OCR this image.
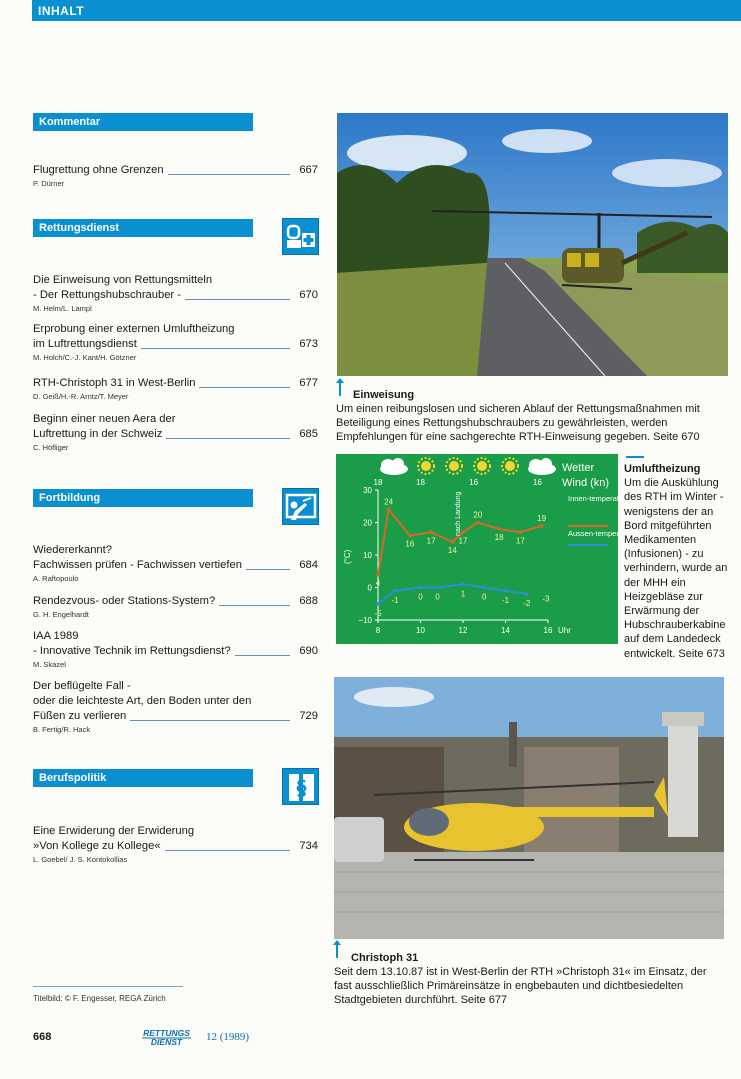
INHALT
Kommentar
Flugrettung ohne Grenzen	667
P. Dürner
Rettungsdienst
Die Einweisung von Rettungsmitteln
- Der Rettungshubschrauber -	670
M. Helm/L. Lampl
Erprobung einer externen Umluftheizung
im Luftrettungsdienst	673
M. Holch/C.-J. Kant/H. Götzner
RTH-Christoph 31 in West-Berlin	677
D. Geiß/H.-R. Arntz/T. Meyer
Beginn einer neuen Aera der
Luftrettung in der Schweiz	685
C. Höfliger
Fortbildung
Wiedererkannt?
Fachwissen prüfen - Fachwissen vertiefen	684
A. Raftopoulo
Rendezvous- oder Stations-System?	688
G. H. Engelhardt
IAA 1989
- Innovative Technik im Rettungsdienst?	690
M. Skazel
Der beflügelte Fall -
oder die leichteste Art, den Boden unter den
Füßen zu verlieren	729
B. Fertig/R. Hack
Berufspolitik	§
Eine Erwiderung der Erwiderung
»Von Kollege zu Kollege«	734
L. Goebel/ J. S. Kontokollias
Einweisung
Um einen reibungslosen und sicheren Ablauf der Rettungsmaßnahmen mit Beteiligung eines Rettungshubschraubers zu gewährleisten, werden Empfehlungen für eine sachgerechte RTH-Einweisung gegeben. Seite 670
Wetter
Wind (kn)
18	18	16	16
30
20
10
0
−10
8	10	12	14	16 Uhr
4
24
16 17
14
17
20
18 17
19
-5
-1 0 0	1 0 -1 -2
-3
Innen-temperatur RTH
Aussen-temperatur
nach Landung
(°C)
Umluftheizung
Um die Auskühlung des RTH im Winter - wenigstens der an Bord mitgeführten Medikamenten (Infusionen) - zu verhindern, wurde an der MHH ein Heizgebläse zur Erwärmung der Hubschrauberkabine auf dem Landedeck entwickelt. Seite 673
Christoph 31
Seit dem 13.10.87 ist in West-Berlin der RTH »Christoph 31« im Einsatz, der fast ausschließlich Primäreinsätze in engbebauten und dichtbesiedelten Stadtgebieten durchführt. Seite 677
Titelbild: © F. Engesser, REGA Zürich
668	RETTUNGS
DIENST 12 (1989)
